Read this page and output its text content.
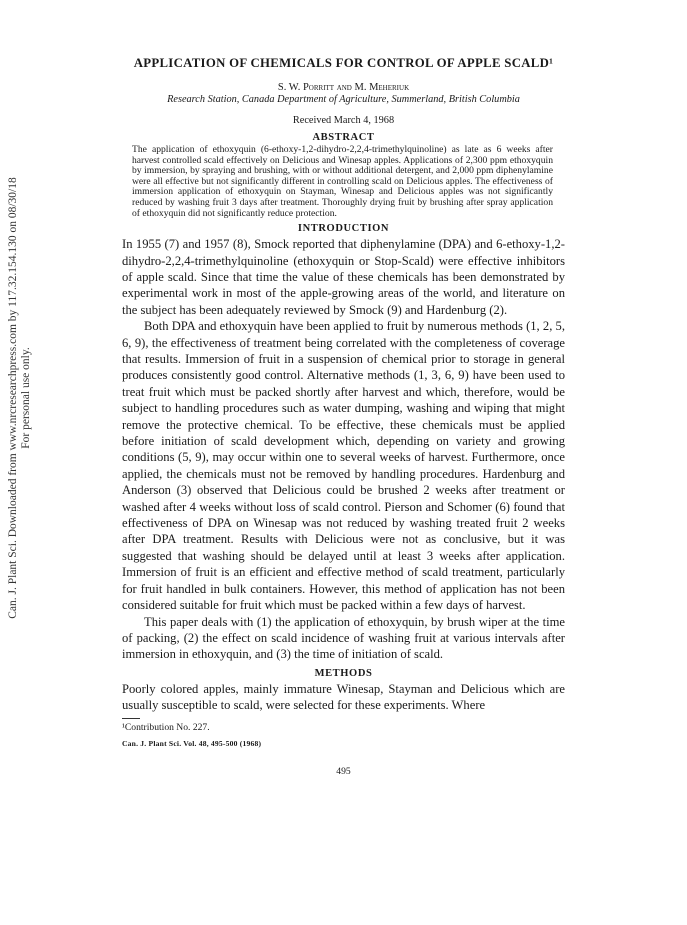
Can. J. Plant Sci. Downloaded from www.nrcresearchpress.com by 117.32.154.130 on 08/30/18 For personal use only.
APPLICATION OF CHEMICALS FOR CONTROL OF APPLE SCALD¹
S. W. Porritt and M. Meheriuk
Research Station, Canada Department of Agriculture, Summerland, British Columbia
Received March 4, 1968
ABSTRACT

The application of ethoxyquin (6-ethoxy-1,2-dihydro-2,2,4-trimethylquinoline) as late as 6 weeks after harvest controlled scald effectively on Delicious and Winesap apples. Applications of 2,300 ppm ethoxyquin by immersion, by spraying and brushing, with or without additional detergent, and 2,000 ppm diphenylamine were all effective but not significantly different in controlling scald on Delicious apples. The effectiveness of immersion application of ethoxyquin on Stayman, Winesap and Delicious apples was not significantly reduced by washing fruit 3 days after treatment. Thoroughly drying fruit by brushing after spray application of ethoxyquin did not significantly reduce protection.

INTRODUCTION

In 1955 (7) and 1957 (8), Smock reported that diphenylamine (DPA) and 6-ethoxy-1,2-dihydro-2,2,4-trimethylquinoline (ethoxyquin or Stop-Scald) were effective inhibitors of apple scald. Since that time the value of these chemicals has been demonstrated by experimental work in most of the apple-growing areas of the world, and literature on the subject has been adequately reviewed by Smock (9) and Hardenburg (2).

Both DPA and ethoxyquin have been applied to fruit by numerous methods (1, 2, 5, 6, 9), the effectiveness of treatment being correlated with the completeness of coverage that results. Immersion of fruit in a suspension of chemical prior to storage in general produces consistently good control. Alternative methods (1, 3, 6, 9) have been used to treat fruit which must be packed shortly after harvest and which, therefore, would be subject to handling procedures such as water dumping, washing and wiping that might remove the protective chemical. To be effective, these chemicals must be applied before initiation of scald development which, depending on variety and growing conditions (5, 9), may occur within one to several weeks of harvest. Furthermore, once applied, the chemicals must not be removed by handling procedures. Hardenburg and Anderson (3) observed that Delicious could be brushed 2 weeks after treatment or washed after 4 weeks without loss of scald control. Pierson and Schomer (6) found that effectiveness of DPA on Winesap was not reduced by washing treated fruit 2 weeks after DPA treatment. Results with Delicious were not as conclusive, but it was suggested that washing should be delayed until at least 3 weeks after application. Immersion of fruit is an efficient and effective method of scald treatment, particularly for fruit handled in bulk containers. However, this method of application has not been considered suitable for fruit which must be packed within a few days of harvest.

This paper deals with (1) the application of ethoxyquin, by brush wiper at the time of packing, (2) the effect on scald incidence of washing fruit at various intervals after immersion in ethoxyquin, and (3) the time of initiation of scald.

METHODS

Poorly colored apples, mainly immature Winesap, Stayman and Delicious which are usually susceptible to scald, were selected for these experiments. Where

¹Contribution No. 227.
Can. J. Plant Sci. Vol. 48, 495-500 (1968)
495
